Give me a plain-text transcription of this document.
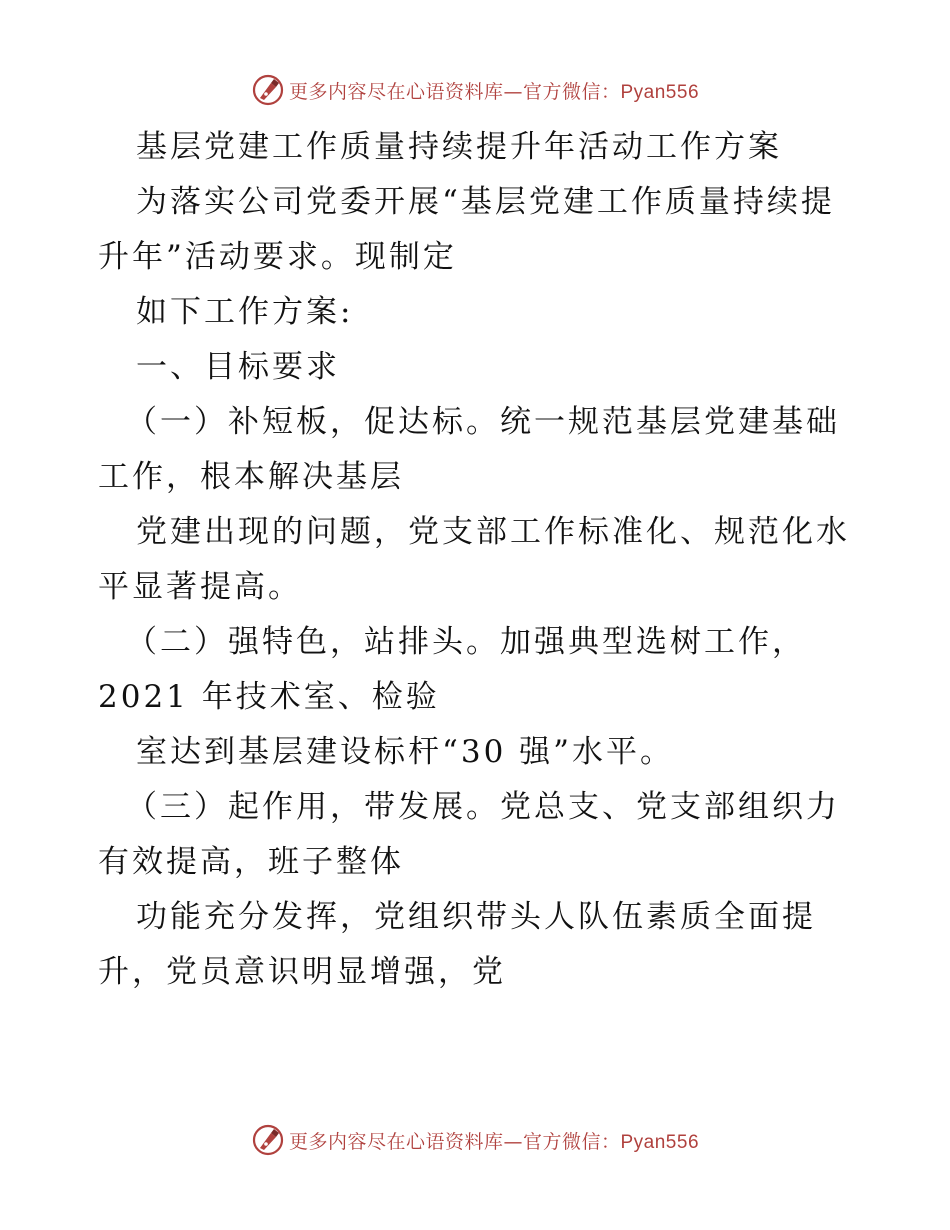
更多内容尽在心语资料库—官方微信：Pyan556
基层党建工作质量持续提升年活动工作方案
为落实公司党委开展“基层党建工作质量持续提
升年”活动要求。现制定
如下工作方案:
一、目标要求
（一）补短板，促达标。统一规范基层党建基础
工作，根本解决基层
党建出现的问题，党支部工作标准化、规范化水
平显著提高。
（二）强特色，站排头。加强典型选树工作，
2021 年技术室、检验
室达到基层建设标杆“30 强”水平。
（三）起作用，带发展。党总支、党支部组织力
有效提高，班子整体
功能充分发挥，党组织带头人队伍素质全面提
升，党员意识明显增强，党
更多内容尽在心语资料库—官方微信：Pyan556
